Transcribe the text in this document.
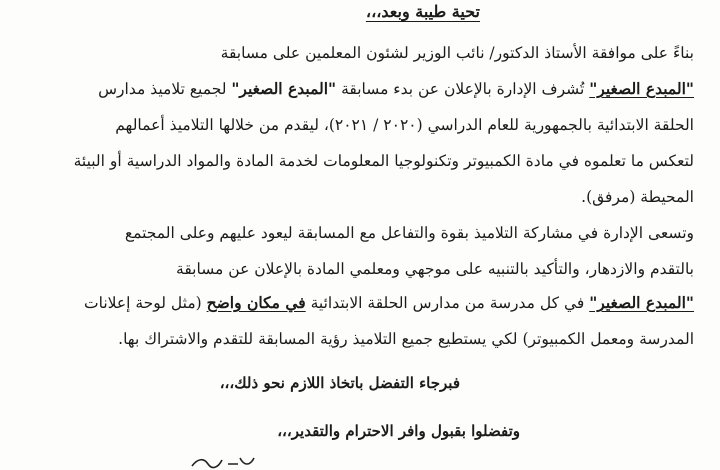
تحية طيبة وبعد،،،
بناءً على موافقة الأستاذ الدكتور/ نائب الوزير لشئون المعلمين على مسابقة
"المبدع الصغير" تُشرف الإدارة بالإعلان عن بدء مسابقة "المبدع الصغير" لجميع تلاميذ مدارس
الحلقة الابتدائية بالجمهورية للعام الدراسي (٢٠٢٠ / ٢٠٢١)، ليقدم من خلالها التلاميذ أعمالهم
لتعكس ما تعلموه في مادة الكمبيوتر وتكنولوجيا المعلومات لخدمة المادة والمواد الدراسية أو البيئة
المحيطة (مرفق).
وتسعى الإدارة في مشاركة التلاميذ بقوة والتفاعل مع المسابقة ليعود عليهم وعلى المجتمع
بالتقدم والازدهار، والتأكيد بالتنبيه على موجهي ومعلمي المادة بالإعلان عن مسابقة
"المبدع الصغير" في كل مدرسة من مدارس الحلقة الابتدائية في مكان واضح (مثل لوحة إعلانات
المدرسة ومعمل الكمبيوتر) لكي يستطيع جميع التلاميذ رؤية المسابقة للتقدم والاشتراك بها.
فبرجاء التفضل باتخاذ اللازم نحو ذلك،،،
وتفضلوا بقبول وافر الاحترام والتقدير،،،
